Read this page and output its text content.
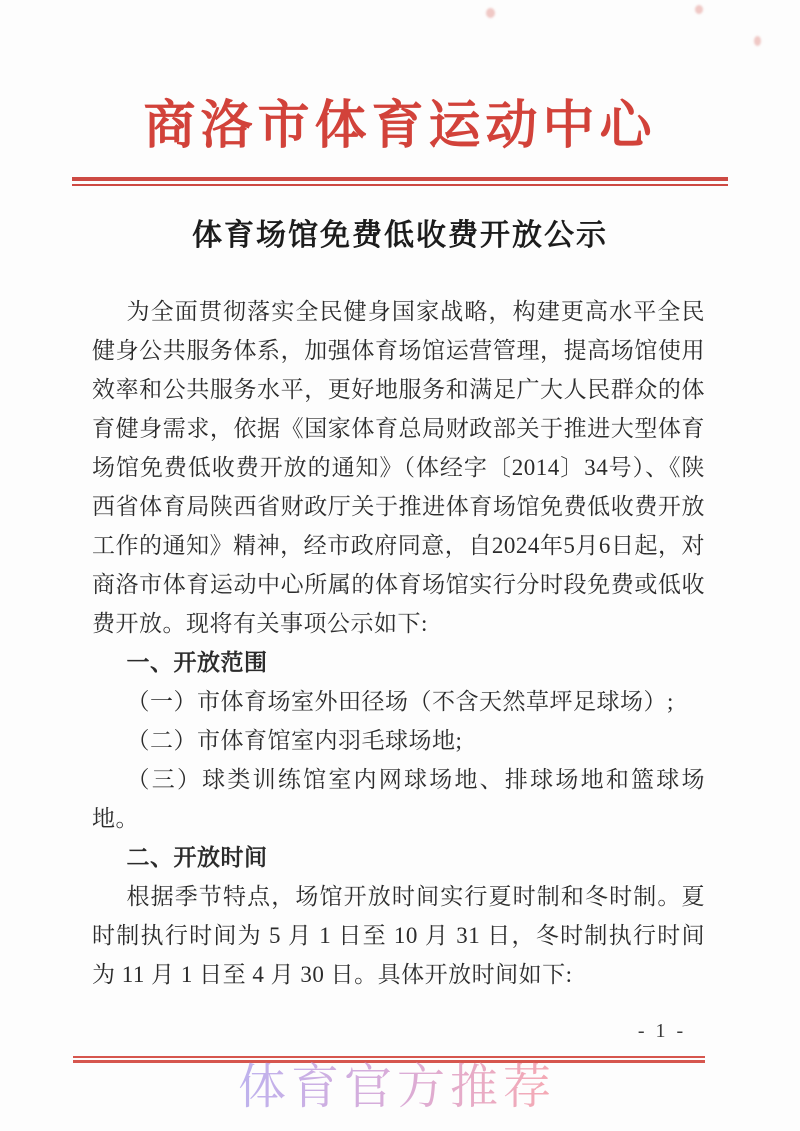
商洛市体育运动中心
体育场馆免费低收费开放公示

为全面贯彻落实全民健身国家战略，构建更高水平全民健身公共服务体系，加强体育场馆运营管理，提高场馆使用效率和公共服务水平，更好地服务和满足广大人民群众的体育健身需求，依据《国家体育总局财政部关于推进大型体育场馆免费低收费开放的通知》（体经字〔2014〕34号）、《陕西省体育局陕西省财政厅关于推进体育场馆免费低收费开放工作的通知》精神，经市政府同意，自2024年5月6日起，对商洛市体育运动中心所属的体育场馆实行分时段免费或低收费开放。现将有关事项公示如下:

一、开放范围

（一）市体育场室外田径场（不含天然草坪足球场）;

（二）市体育馆室内羽毛球场地;

（三）球类训练馆室内网球场地、排球场地和篮球场地。

二、开放时间

根据季节特点，场馆开放时间实行夏时制和冬时制。夏时制执行时间为 5 月 1 日至 10 月 31 日，冬时制执行时间为 11 月 1 日至 4 月 30 日。具体开放时间如下:

- 1 -
体育官方推荐
